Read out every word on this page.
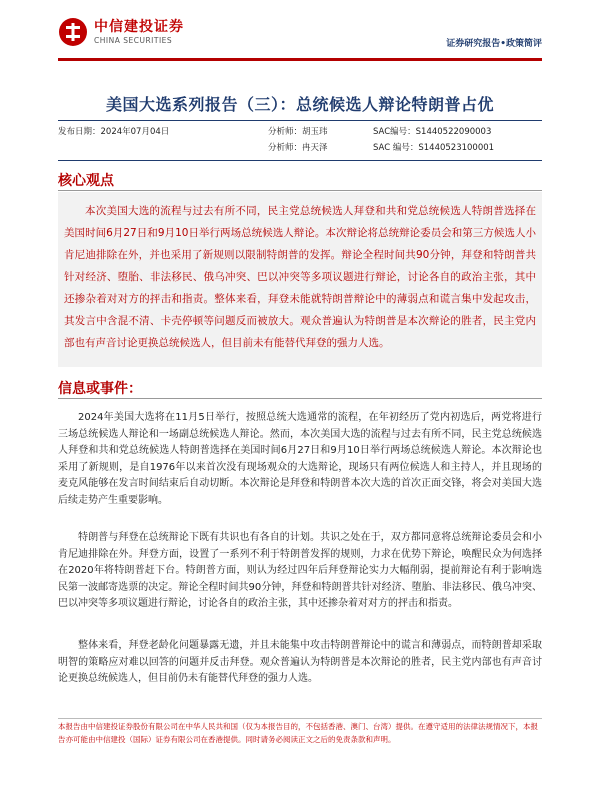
中信建投证券
CHINA SECURITIES	证券研究报告•政策简评
美国大选系列报告（三）：总统候选人辩论特朗普占优
发布日期：2024年07月04日	分析师：胡玉玮	SAC编号：S1440522090003
分析师：冉天泽	SAC 编号：S1440523100001
核心观点
本次美国大选的流程与过去有所不同，民主党总统候选人拜登和共和党总统候选人特朗普选择在美国时间6月27日和9月10日举行两场总统候选人辩论。本次辩论将总统辩论委员会和第三方候选人小肯尼迪排除在外，并也采用了新规则以限制特朗普的发挥。辩论全程时间共90分钟，拜登和特朗普共针对经济、堕胎、非法移民、俄乌冲突、巴以冲突等多项议题进行辩论，讨论各自的政治主张，其中还掺杂着对对方的抨击和指责。整体来看，拜登未能就特朗普辩论中的薄弱点和谎言集中发起攻击，其发言中含混不清、卡壳停顿等问题反而被放大。观众普遍认为特朗普是本次辩论的胜者，民主党内部也有声音讨论更换总统候选人，但目前未有能替代拜登的强力人选。
信息或事件：
2024年美国大选将在11月5日举行，按照总统大选通常的流程，在年初经历了党内初选后，两党将进行三场总统候选人辩论和一场副总统候选人辩论。然而，本次美国大选的流程与过去有所不同，民主党总统候选人拜登和共和党总统候选人特朗普选择在美国时间6月27日和9月10日举行两场总统候选人辩论。本次辩论也采用了新规则，是自1976年以来首次没有现场观众的大选辩论，现场只有两位候选人和主持人，并且现场的麦克风能够在发言时间结束后自动切断。本次辩论是拜登和特朗普本次大选的首次正面交锋，将会对美国大选后续走势产生重要影响。
特朗普与拜登在总统辩论下既有共识也有各自的计划。共识之处在于，双方都同意将总统辩论委员会和小肯尼迪排除在外。拜登方面，设置了一系列不利于特朗普发挥的规则，力求在优势下辩论，唤醒民众为何选择在2020年将特朗普赶下台。特朗普方面，则认为经过四年后拜登辩论实力大幅削弱，提前辩论有利于影响选民第一波邮寄选票的决定。辩论全程时间共90分钟，拜登和特朗普共针对经济、堕胎、非法移民、俄乌冲突、巴以冲突等多项议题进行辩论，讨论各自的政治主张，其中还掺杂着对对方的抨击和指责。
整体来看，拜登老龄化问题暴露无遗，并且未能集中攻击特朗普辩论中的谎言和薄弱点，而特朗普却采取明智的策略应对难以回答的问题并反击拜登。观众普遍认为特朗普是本次辩论的胜者，民主党内部也有声音讨论更换总统候选人，但目前仍未有能替代拜登的强力人选。
本报告由中信建投证券股份有限公司在中华人民共和国（仅为本报告目的，不包括香港、澳门、台湾）提供。在遵守适用的法律法规情况下，本报告亦可能由中信建投（国际）证券有限公司在香港提供。同时请务必阅读正文之后的免责条款和声明。
